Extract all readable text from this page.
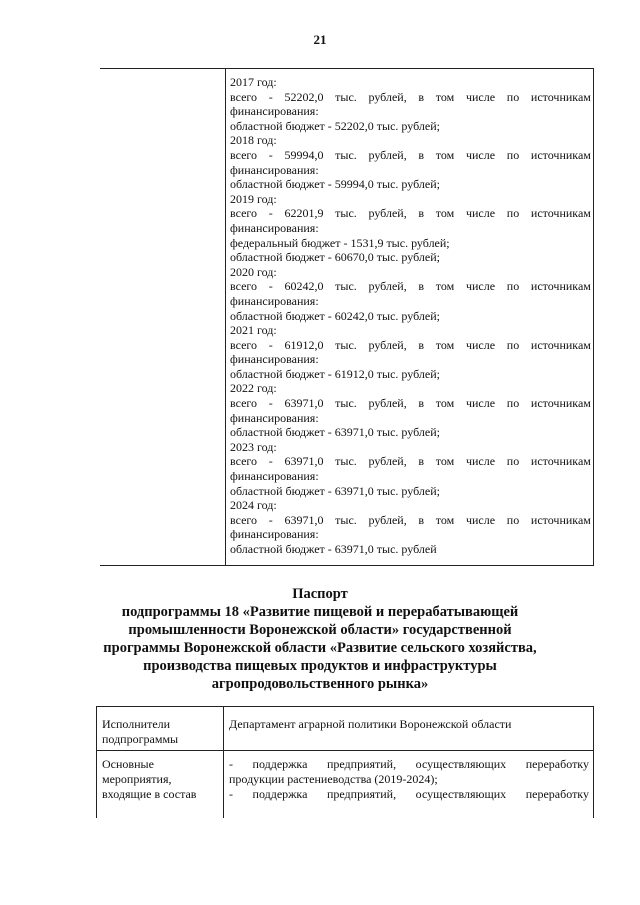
21
2017 год:
всего - 52202,0 тыс. рублей, в том числе по источникам
финансирования:
областной бюджет - 52202,0 тыс. рублей;
2018 год:
всего - 59994,0 тыс. рублей, в том числе по источникам
финансирования:
областной бюджет - 59994,0 тыс. рублей;
2019 год:
всего - 62201,9 тыс. рублей, в том числе по источникам
финансирования:
федеральный бюджет - 1531,9 тыс. рублей;
областной бюджет - 60670,0 тыс. рублей;
2020 год:
всего - 60242,0 тыс. рублей, в том числе по источникам
финансирования:
областной бюджет - 60242,0 тыс. рублей;
2021 год:
всего - 61912,0 тыс. рублей, в том числе по источникам
финансирования:
областной бюджет - 61912,0 тыс. рублей;
2022 год:
всего - 63971,0 тыс. рублей, в том числе по источникам
финансирования:
областной бюджет - 63971,0 тыс. рублей;
2023 год:
всего - 63971,0 тыс. рублей, в том числе по источникам
финансирования:
областной бюджет - 63971,0 тыс. рублей;
2024 год:
всего - 63971,0 тыс. рублей, в том числе по источникам
финансирования:
областной бюджет - 63971,0 тыс. рублей
Паспорт
подпрограммы 18 «Развитие пищевой и перерабатывающей
промышленности Воронежской области» государственной
программы Воронежской области «Развитие сельского хозяйства,
производства пищевых продуктов и инфраструктуры
агропродовольственного рынка»
Исполнители
подпрограммы
Департамент аграрной политики Воронежской области
Основные
мероприятия,
входящие в состав
- поддержка предприятий, осуществляющих переработку
продукции растениеводства (2019-2024);
- поддержка предприятий, осуществляющих переработку
